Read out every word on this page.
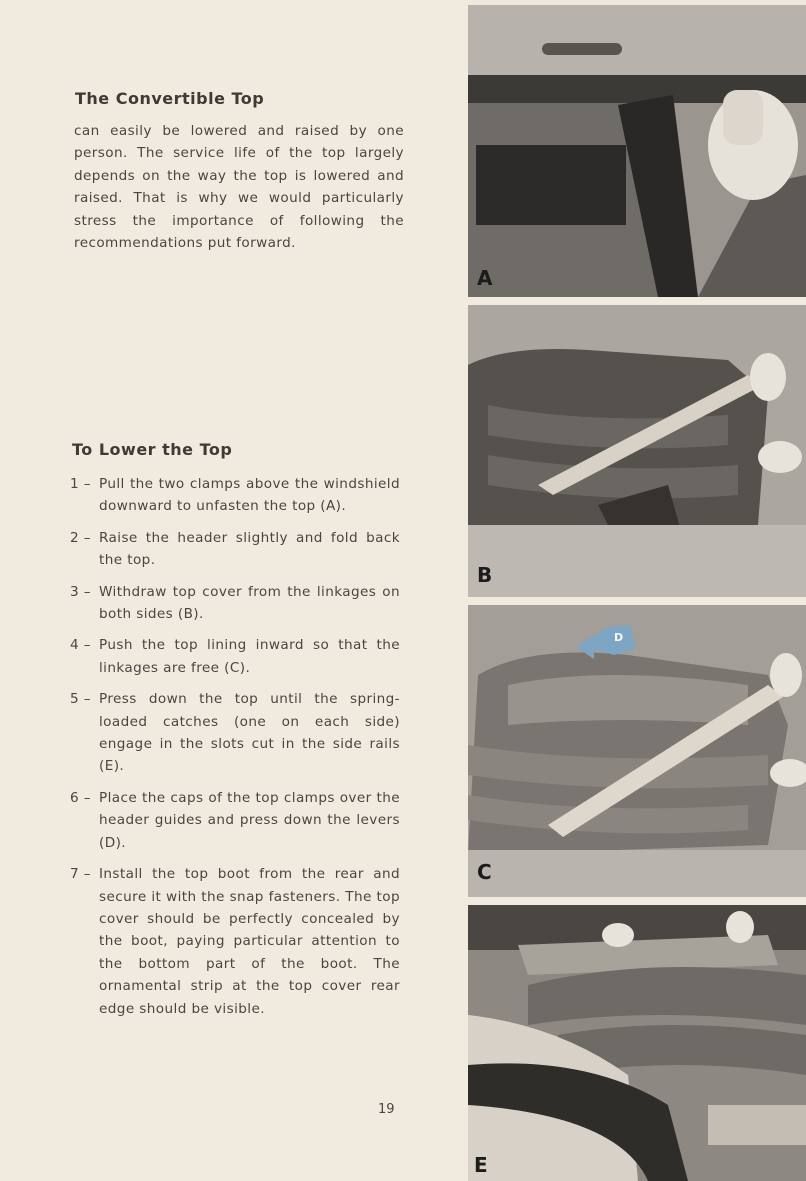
The Convertible Top
can easily be lowered and raised by one person. The service life of the top largely depends on the way the top is lowered and raised. That is why we would particularly stress the importance of following the recommendations put forward.
To Lower the Top
1 – Pull the two clamps above the windshield downward to unfasten the top (A).
2 – Raise the header slightly and fold back the top.
3 – Withdraw top cover from the linkages on both sides (B).
4 – Push the top lining inward so that the linkages are free (C).
5 – Press down the top until the spring-loaded catches (one on each side) engage in the slots cut in the side rails (E).
6 – Place the caps of the top clamps over the header guides and press down the levers (D).
7 – Install the top boot from the rear and secure it with the snap fasteners. The top cover should be perfectly concealed by the boot, paying particular attention to the bottom part of the boot. The ornamental strip at the top cover rear edge should be visible.
19
A
B
D
C
E
